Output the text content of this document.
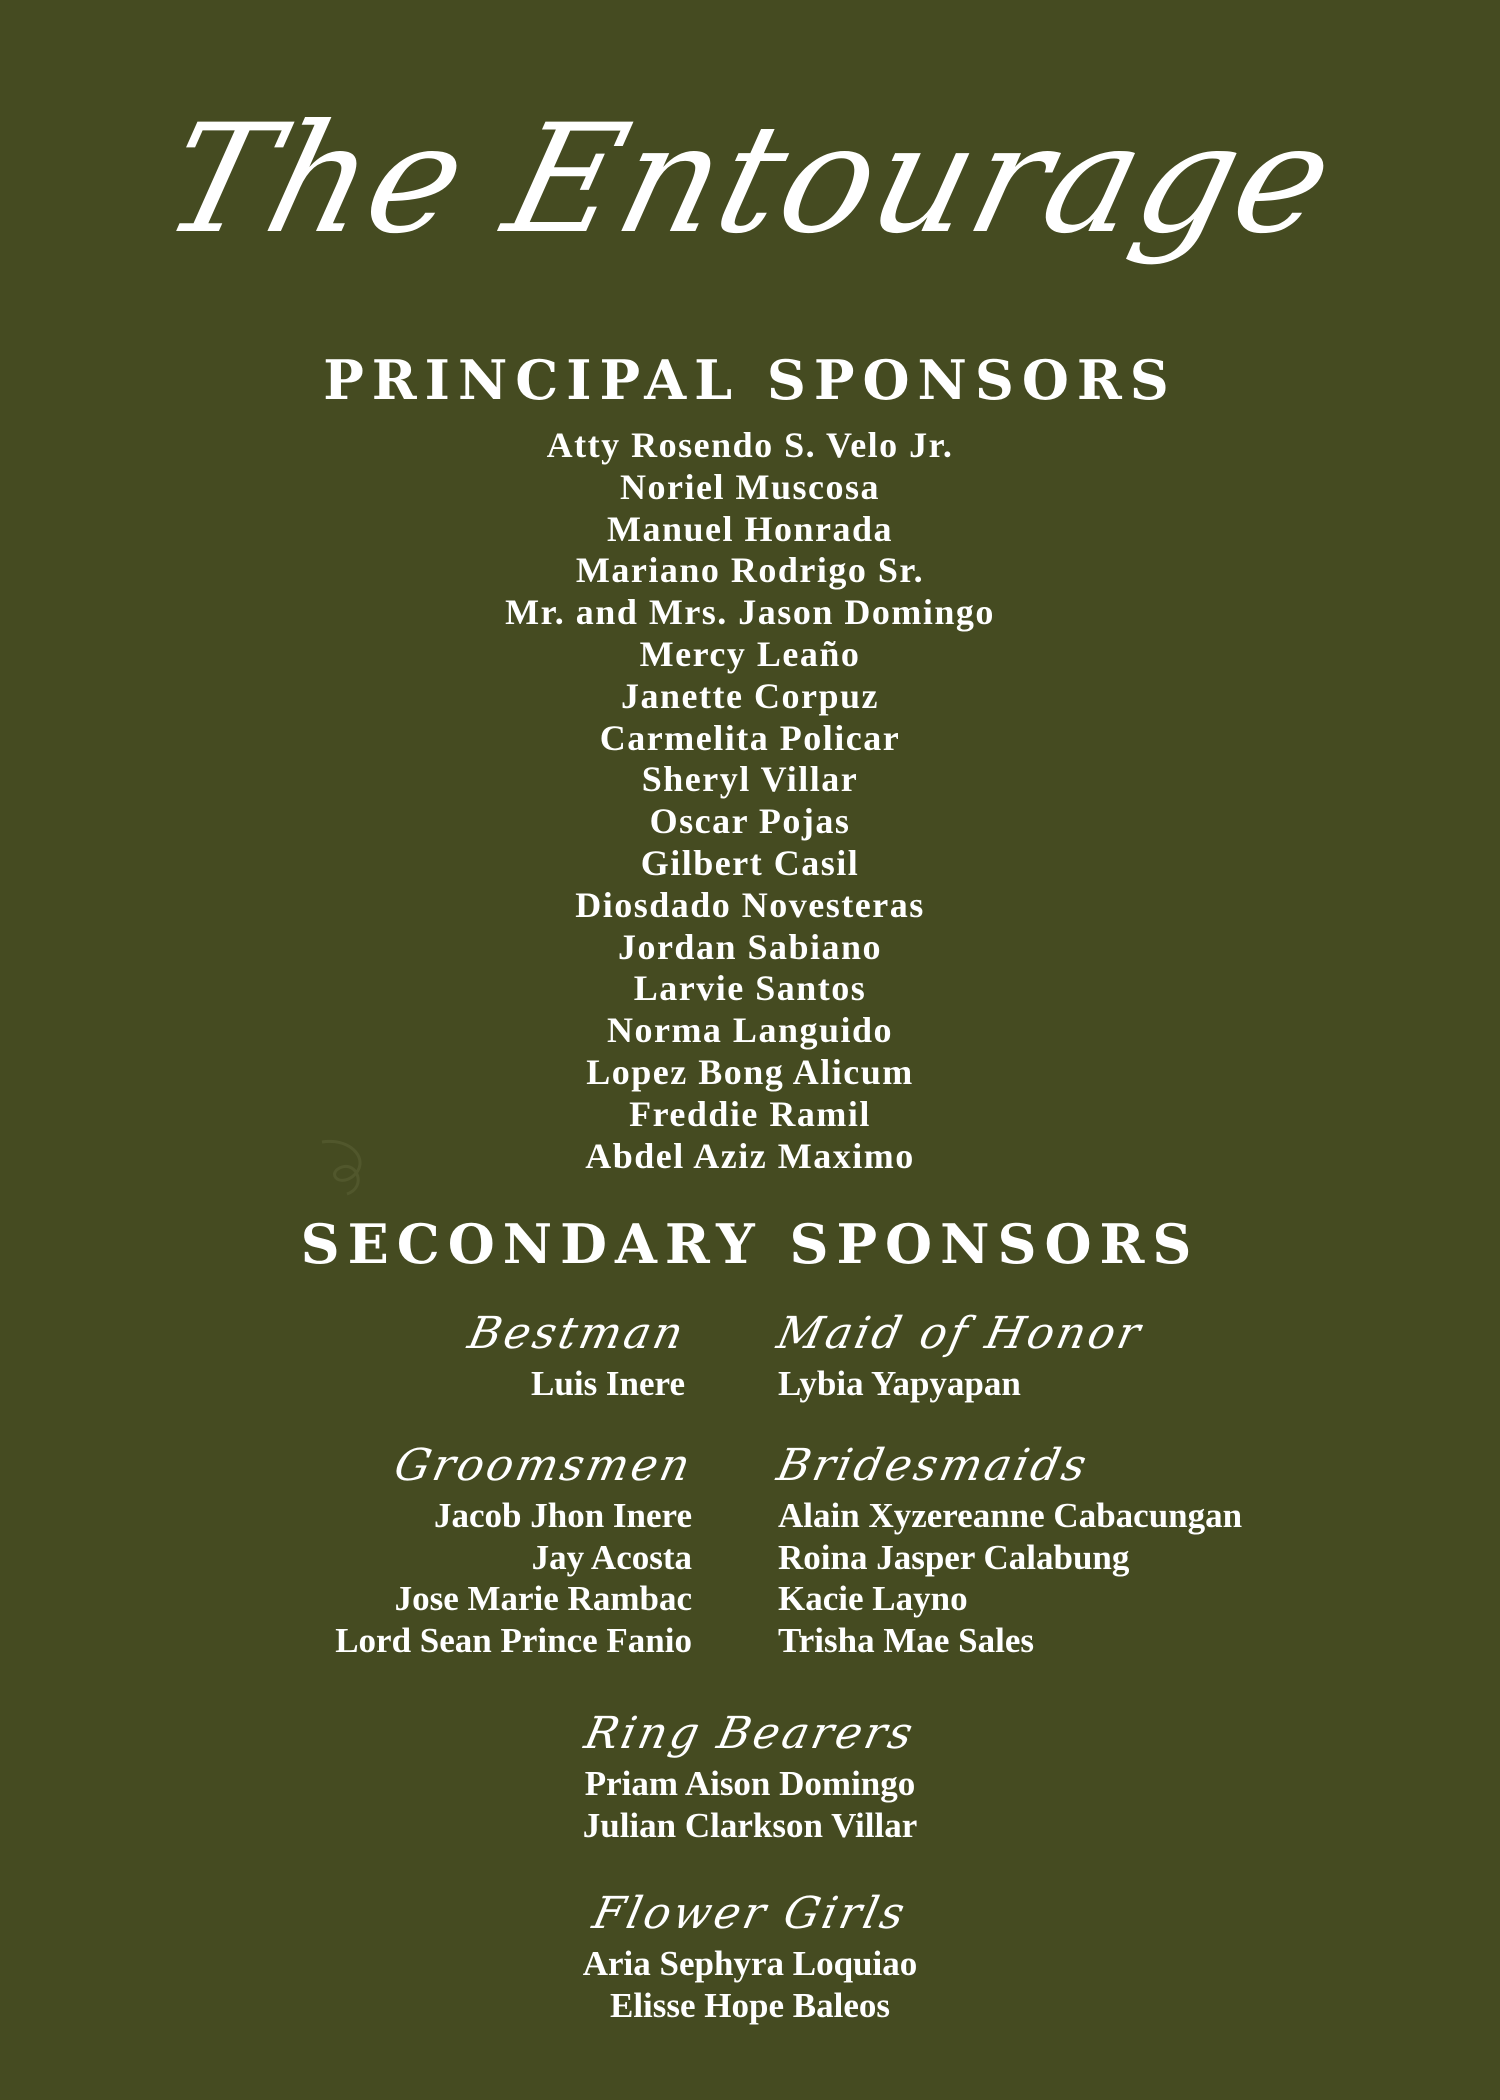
The Entourage
PRINCIPAL SPONSORS
Atty Rosendo S. Velo Jr.
Noriel Muscosa
Manuel Honrada
Mariano Rodrigo Sr.
Mr. and Mrs. Jason Domingo
Mercy Leaño
Janette Corpuz
Carmelita Policar
Sheryl Villar
Oscar Pojas
Gilbert Casil
Diosdado Novesteras
Jordan Sabiano
Larvie Santos
Norma Languido
Lopez Bong Alicum
Freddie Ramil
Abdel Aziz Maximo
SECONDARY SPONSORS
Bestman
Luis Inere
Maid of Honor
Lybia Yapyapan
Groomsmen
Jacob Jhon Inere
Jay Acosta
Jose Marie Rambac
Lord Sean Prince Fanio
Bridesmaids
Alain Xyzereanne Cabacungan
Roina Jasper Calabung
Kacie Layno
Trisha Mae Sales
Ring Bearers
Priam Aison Domingo
Julian Clarkson Villar
Flower Girls
Aria Sephyra Loquiao
Elisse Hope Baleos
